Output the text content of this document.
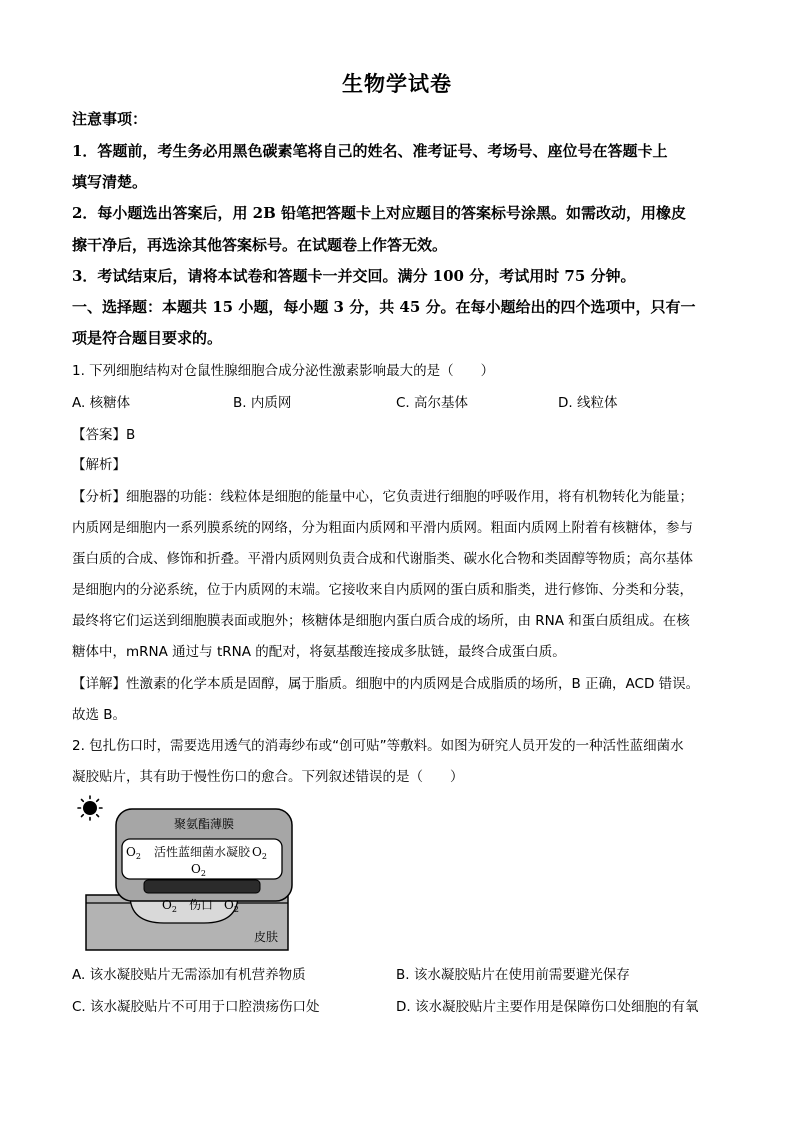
生物学试卷
注意事项：
1．答题前，考生务必用黑色碳素笔将自己的姓名、准考证号、考场号、座位号在答题卡上
填写清楚。
2．每小题选出答案后，用 2B 铅笔把答题卡上对应题目的答案标号涂黑。如需改动，用橡皮
擦干净后，再选涂其他答案标号。在试题卷上作答无效。
3．考试结束后，请将本试卷和答题卡一并交回。满分 100 分，考试用时 75 分钟。
一、选择题：本题共 15 小题，每小题 3 分，共 45 分。在每小题给出的四个选项中，只有一
项是符合题目要求的。
1. 下列细胞结构对仓鼠性腺细胞合成分泌性激素影响最大的是（　　）
A. 核糖体	B. 内质网	C. 高尔基体	D. 线粒体
【答案】B
【解析】
【分析】细胞器的功能：线粒体是细胞的能量中心，它负责进行细胞的呼吸作用，将有机物转化为能量；
内质网是细胞内一系列膜系统的网络，分为粗面内质网和平滑内质网。粗面内质网上附着有核糖体，参与
蛋白质的合成、修饰和折叠。平滑内质网则负责合成和代谢脂类、碳水化合物和类固醇等物质；高尔基体
是细胞内的分泌系统，位于内质网的末端。它接收来自内质网的蛋白质和脂类，进行修饰、分类和分装，
最终将它们运送到细胞膜表面或胞外；核糖体是细胞内蛋白质合成的场所，由 RNA 和蛋白质组成。在核
糖体中，mRNA 通过与 tRNA 的配对，将氨基酸连接成多肽链，最终合成蛋白质。
【详解】性激素的化学本质是固醇，属于脂质。细胞中的内质网是合成脂质的场所，B 正确，ACD 错误。
故选 B。
2. 包扎伤口时，需要选用透气的消毒纱布或“创可贴”等敷料。如图为研究人员开发的一种活性蓝细菌水
凝胶贴片，其有助于慢性伤口的愈合。下列叙述错误的是（　　）
聚氨酯薄膜
$O_2$ 活性蓝细菌水凝胶 $O_2$
$O_2$
$O_2$ 伤口 $O_2$
皮肤
A. 该水凝胶贴片无需添加有机营养物质	B. 该水凝胶贴片在使用前需要避光保存
C. 该水凝胶贴片不可用于口腔溃疡伤口处	D. 该水凝胶贴片主要作用是保障伤口处细胞的有氧
